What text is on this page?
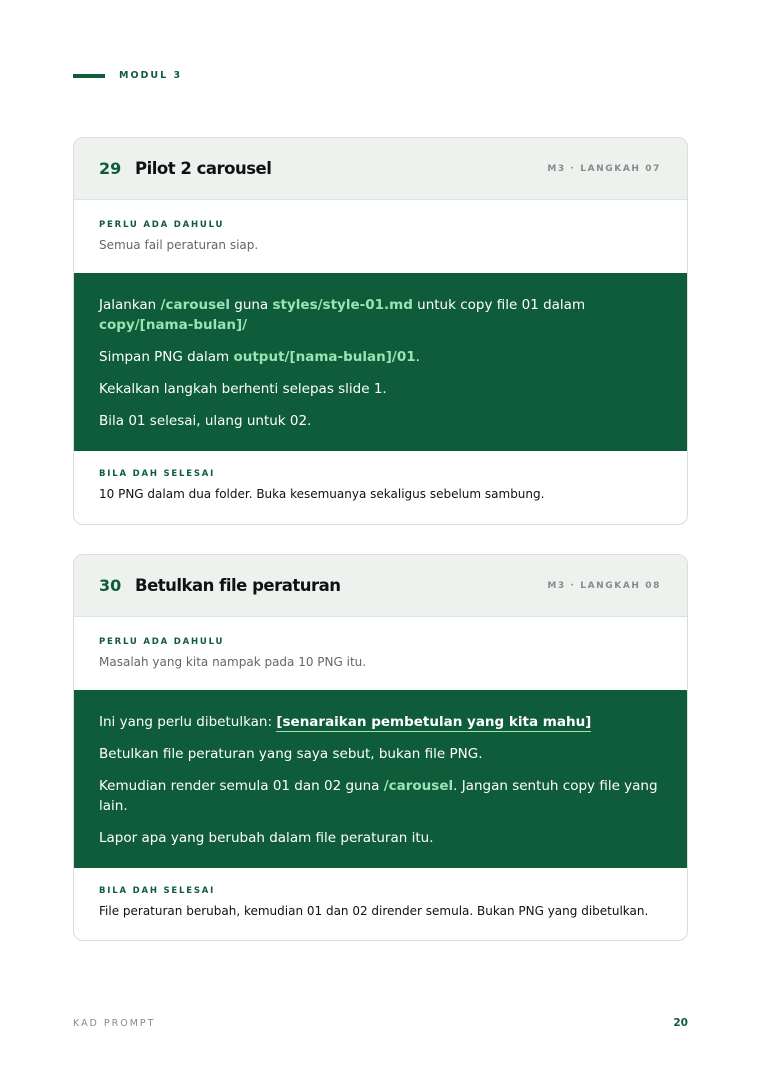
MODUL 3
29 Pilot 2 carousel	M3 · LANGKAH 07
PERLU ADA DAHULU
Semua fail peraturan siap.

Jalankan /carousel guna styles/style-01.md untuk copy file 01 dalam copy/[nama-bulan]/

Simpan PNG dalam output/[nama-bulan]/01.

Kekalkan langkah berhenti selepas slide 1.

Bila 01 selesai, ulang untuk 02.

BILA DAH SELESAI
10 PNG dalam dua folder. Buka kesemuanya sekaligus sebelum sambung.
30 Betulkan file peraturan	M3 · LANGKAH 08
PERLU ADA DAHULU
Masalah yang kita nampak pada 10 PNG itu.

Ini yang perlu dibetulkan: [senaraikan pembetulan yang kita mahu]

Betulkan file peraturan yang saya sebut, bukan file PNG.

Kemudian render semula 01 dan 02 guna /carousel. Jangan sentuh copy file yang lain.

Lapor apa yang berubah dalam file peraturan itu.

BILA DAH SELESAI
File peraturan berubah, kemudian 01 dan 02 dirender semula. Bukan PNG yang dibetulkan.
KAD PROMPT	20
